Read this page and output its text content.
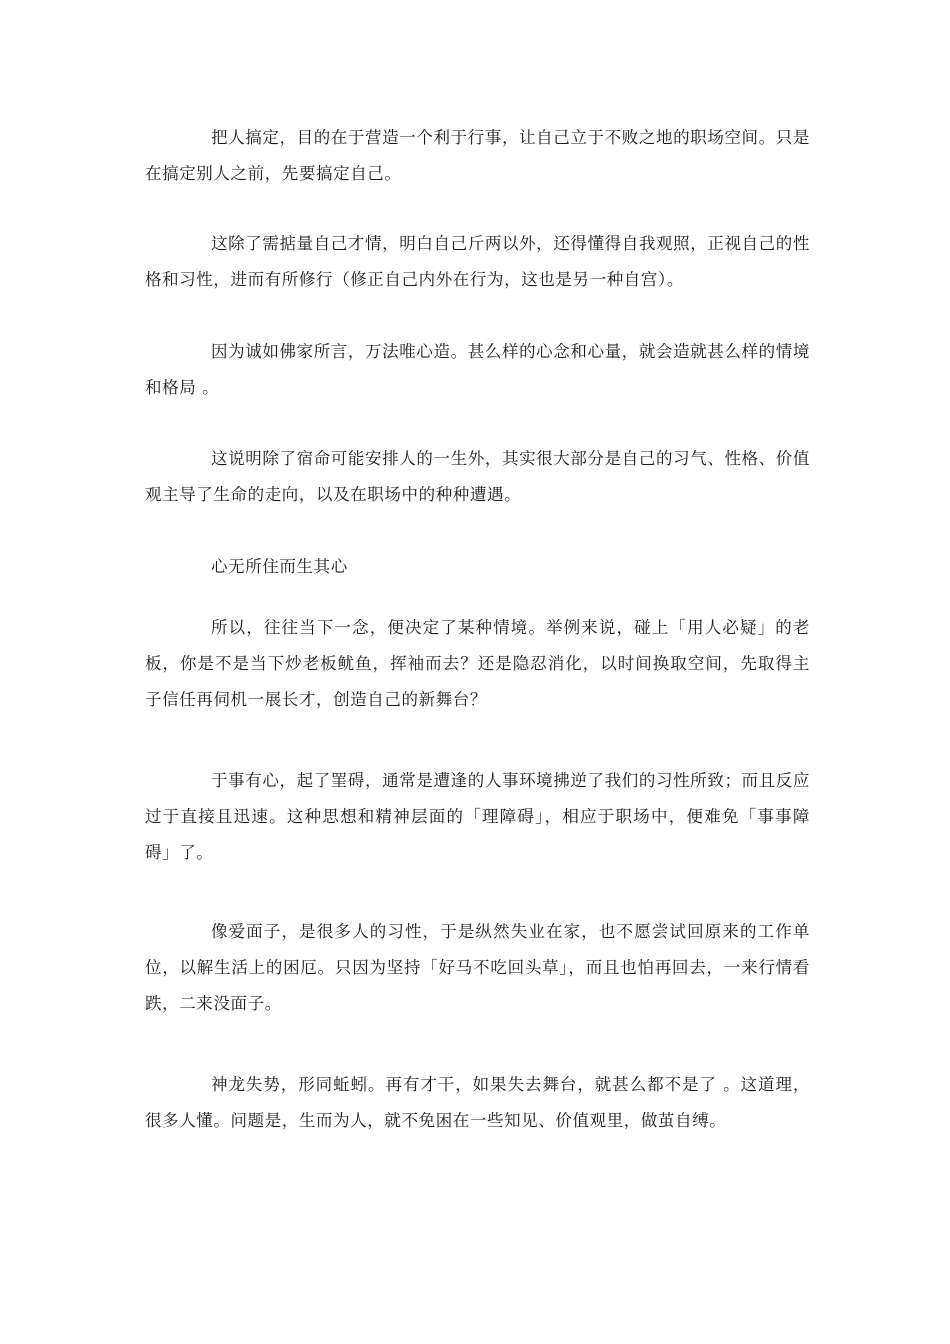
把人搞定，目的在于营造一个利于行事，让自己立于不败之地的职场空间。只是在搞定别人之前，先要搞定自己。

这除了需掂量自己才情，明白自己斤两以外，还得懂得自我观照，正视自己的性格和习性，进而有所修行（修正自己内外在行为，这也是另一种自宫）。

因为诚如佛家所言，万法唯心造。甚么样的心念和心量，就会造就甚么样的情境和格局 。

这说明除了宿命可能安排人的一生外，其实很大部分是自己的习气、性格、价值观主导了生命的走向，以及在职场中的种种遭遇。

心无所住而生其心

所以，往往当下一念，便决定了某种情境。举例来说，碰上「用人必疑」的老板，你是不是当下炒老板鱿鱼，挥袖而去？还是隐忍消化，以时间换取空间，先取得主子信任再伺机一展长才，创造自己的新舞台？

于事有心，起了罣碍，通常是遭逢的人事环境拂逆了我们的习性所致；而且反应过于直接且迅速。这种思想和精神层面的「理障碍」，相应于职场中，便难免「事事障碍」了。

像爱面子，是很多人的习性，于是纵然失业在家，也不愿尝试回原来的工作单位，以解生活上的困厄。只因为坚持「好马不吃回头草」，而且也怕再回去，一来行情看跌，二来没面子。

神龙失势，形同蚯蚓。再有才干，如果失去舞台，就甚么都不是了 。这道理，很多人懂。问题是，生而为人，就不免困在一些知见、价值观里，做茧自缚。
